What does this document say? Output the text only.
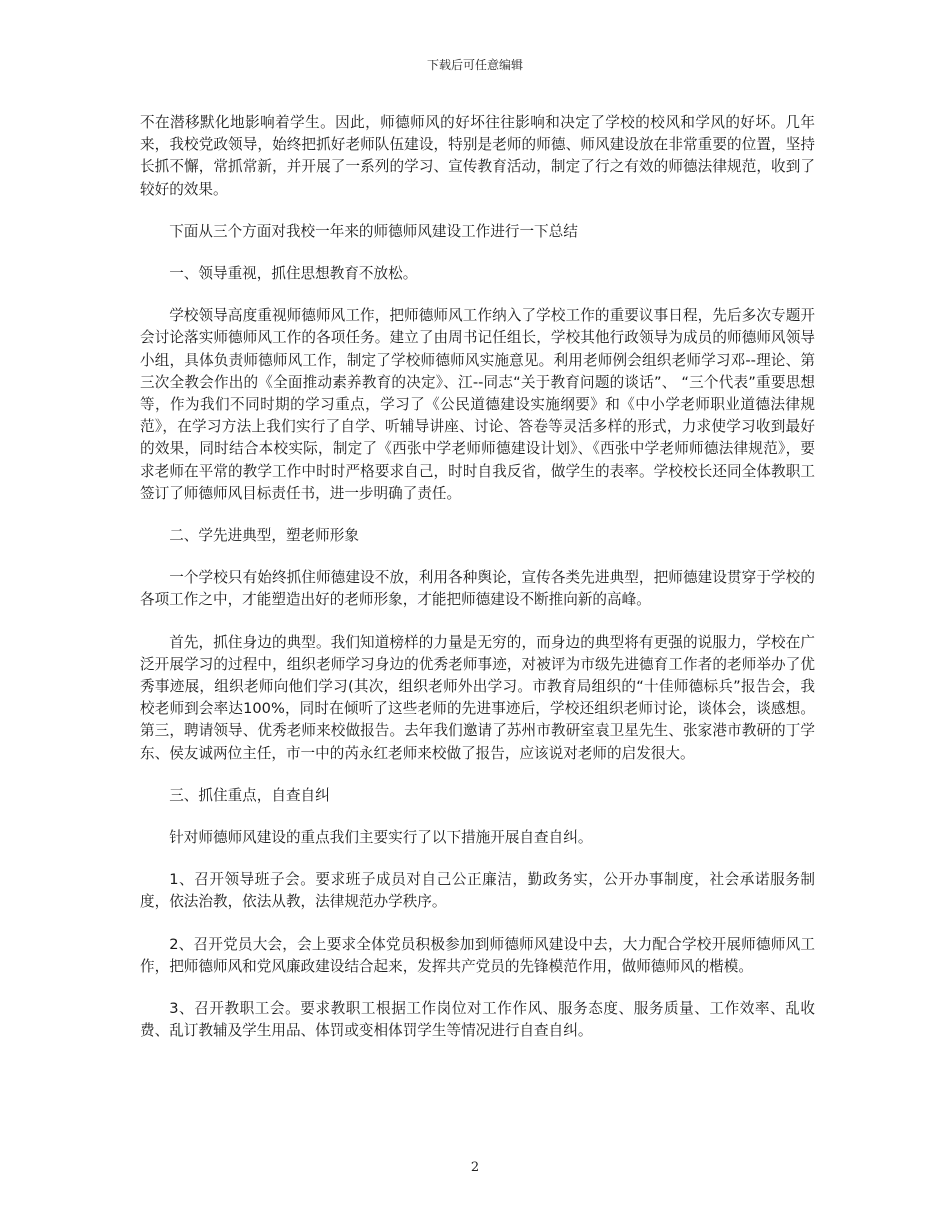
下载后可任意编辑

不在潜移默化地影响着学生。因此，师德师风的好坏往往影响和决定了学校的校风和学风的好坏。几年来，我校党政领导，始终把抓好老师队伍建设，特别是老师的师德、师风建设放在非常重要的位置，坚持长抓不懈，常抓常新，并开展了一系列的学习、宣传教育活动，制定了行之有效的师德法律规范，收到了较好的效果。

下面从三个方面对我校一年来的师德师风建设工作进行一下总结

一、领导重视，抓住思想教育不放松。

学校领导高度重视师德师风工作，把师德师风工作纳入了学校工作的重要议事日程，先后多次专题开会讨论落实师德师风工作的各项任务。建立了由周书记任组长，学校其他行政领导为成员的师德师风领导小组，具体负责师德师风工作，制定了学校师德师风实施意见。利用老师例会组织老师学习邓--理论、第三次全教会作出的《全面推动素养教育的决定》、江--同志“关于教育问题的谈话”、 “三个代表”重要思想等，作为我们不同时期的学习重点，学习了《公民道德建设实施纲要》和《中小学老师职业道德法律规范》，在学习方法上我们实行了自学、听辅导讲座、讨论、答卷等灵活多样的形式，力求使学习收到最好的效果，同时结合本校实际，制定了《西张中学老师师德建设计划》、《西张中学老师师德法律规范》，要求老师在平常的教学工作中时时严格要求自己，时时自我反省，做学生的表率。学校校长还同全体教职工签订了师德师风目标责任书，进一步明确了责任。

二、学先进典型，塑老师形象

一个学校只有始终抓住师德建设不放，利用各种舆论，宣传各类先进典型，把师德建设贯穿于学校的各项工作之中，才能塑造出好的老师形象，才能把师德建设不断推向新的高峰。

首先，抓住身边的典型。我们知道榜样的力量是无穷的，而身边的典型将有更强的说服力，学校在广泛开展学习的过程中，组织老师学习身边的优秀老师事迹，对被评为市级先进德育工作者的老师举办了优秀事迹展，组织老师向他们学习(其次，组织老师外出学习。市教育局组织的“十佳师德标兵”报告会，我校老师到会率达100%，同时在倾听了这些老师的先进事迹后，学校还组织老师讨论，谈体会，谈感想。第三，聘请领导、优秀老师来校做报告。去年我们邀请了苏州市教研室袁卫星先生、张家港市教研的丁学东、侯友诚两位主任，市一中的芮永红老师来校做了报告，应该说对老师的启发很大。

三、抓住重点，自查自纠

针对师德师风建设的重点我们主要实行了以下措施开展自查自纠。

1、召开领导班子会。要求班子成员对自己公正廉洁，勤政务实，公开办事制度，社会承诺服务制度，依法治教，依法从教，法律规范办学秩序。

2、召开党员大会，会上要求全体党员积极参加到师德师风建设中去，大力配合学校开展师德师风工作，把师德师风和党风廉政建设结合起来，发挥共产党员的先锋模范作用，做师德师风的楷模。

3、召开教职工会。要求教职工根据工作岗位对工作作风、服务态度、服务质量、工作效率、乱收费、乱订教辅及学生用品、体罚或变相体罚学生等情况进行自查自纠。

2
